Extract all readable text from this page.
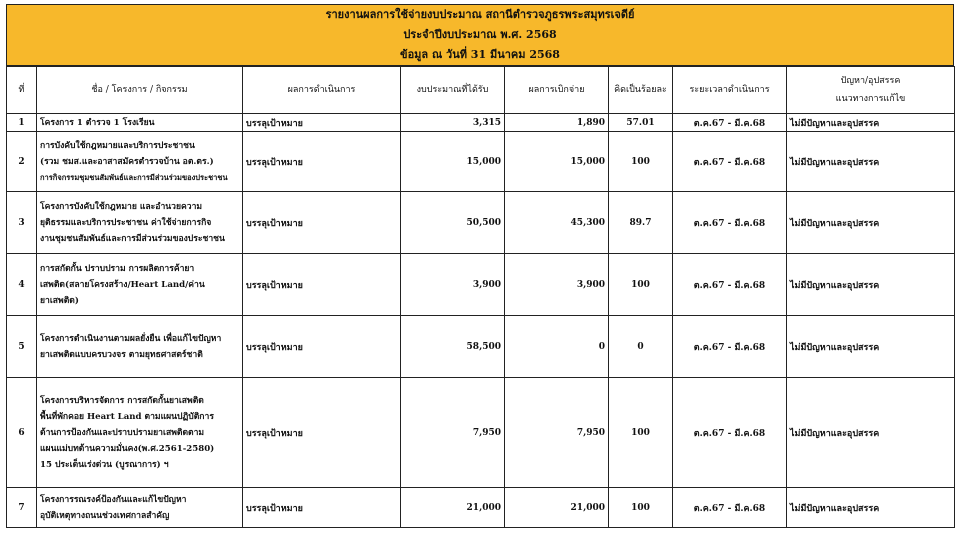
รายงานผลการใช้จ่ายงบประมาณ สถานีตำรวจภูธรพระสมุทรเจดีย์
ประจำปีงบประมาณ พ.ศ. 2568
ข้อมูล ณ วันที่ 31 มีนาคม 2568
ที่	ชื่อ / โครงการ / กิจกรรม	ผลการดำเนินการ	งบประมาณที่ได้รับ	ผลการเบิกจ่าย	คิดเป็นร้อยละ	ระยะเวลาดำเนินการ	ปัญหา/อุปสรรค
แนวทางการแก้ไข

1	โครงการ 1 ตำรวจ 1 โรงเรียน	บรรลุเป้าหมาย	3,315	1,890	57.01	ต.ค.67 - มี.ค.68	ไม่มีปัญหาและอุปสรรค
2	การบังคับใช้กฎหมายและบริการประชาชน
(รวม ชมส.และอาสาสมัครตำรวจบ้าน อต.ตร.)
การกิจกรรมชุมชนสัมพันธ์และการมีส่วนร่วมของประชาชน	บรรลุเป้าหมาย	15,000	15,000	100	ต.ค.67 - มี.ค.68	ไม่มีปัญหาและอุปสรรค
3	โครงการบังคับใช้กฎหมาย และอำนวยความ
ยุติธรรมและบริการประชาชน ค่าใช้จ่ายการกิจ
งานชุมชนสัมพันธ์และการมีส่วนร่วมของประชาชน	บรรลุเป้าหมาย	50,500	45,300	89.7	ต.ค.67 - มี.ค.68	ไม่มีปัญหาและอุปสรรค
4	การสกัดกั้น ปราบปราม การผลิตการค้ายา
เสพติด(สลายโครงสร้าง/Heart Land/ค่าน
ยาเสพติด)	บรรลุเป้าหมาย	3,900	3,900	100	ต.ค.67 - มี.ค.68	ไม่มีปัญหาและอุปสรรค
5	โครงการดำเนินงานตามผลยั่งยืน เพื่อแก้ไขปัญหา
ยาเสพติดแบบครบวงจร ตามยุทธศาสตร์ชาติ	บรรลุเป้าหมาย	58,500	0	0	ต.ค.67 - มี.ค.68	ไม่มีปัญหาและอุปสรรค
6	โครงการบริหารจัดการ การสกัดกั้นยาเสพติด
พื้นที่พักคอย Heart Land ตามแผนปฏิบัติการ
ด้านการป้องกันและปราบปรามยาเสพติดตาม
แผนแม่บทด้านความมั่นคง(พ.ศ.2561-2580)
15 ประเด็นเร่งด่วน (บูรณาการ) ฯ	บรรลุเป้าหมาย	7,950	7,950	100	ต.ค.67 - มี.ค.68	ไม่มีปัญหาและอุปสรรค
7	โครงการรณรงค์ป้องกันและแก้ไขปัญหา
อุบัติเหตุทางถนนช่วงเทศกาลสำคัญ	บรรลุเป้าหมาย	21,000	21,000	100	ต.ค.67 - มี.ค.68	ไม่มีปัญหาและอุปสรรค
